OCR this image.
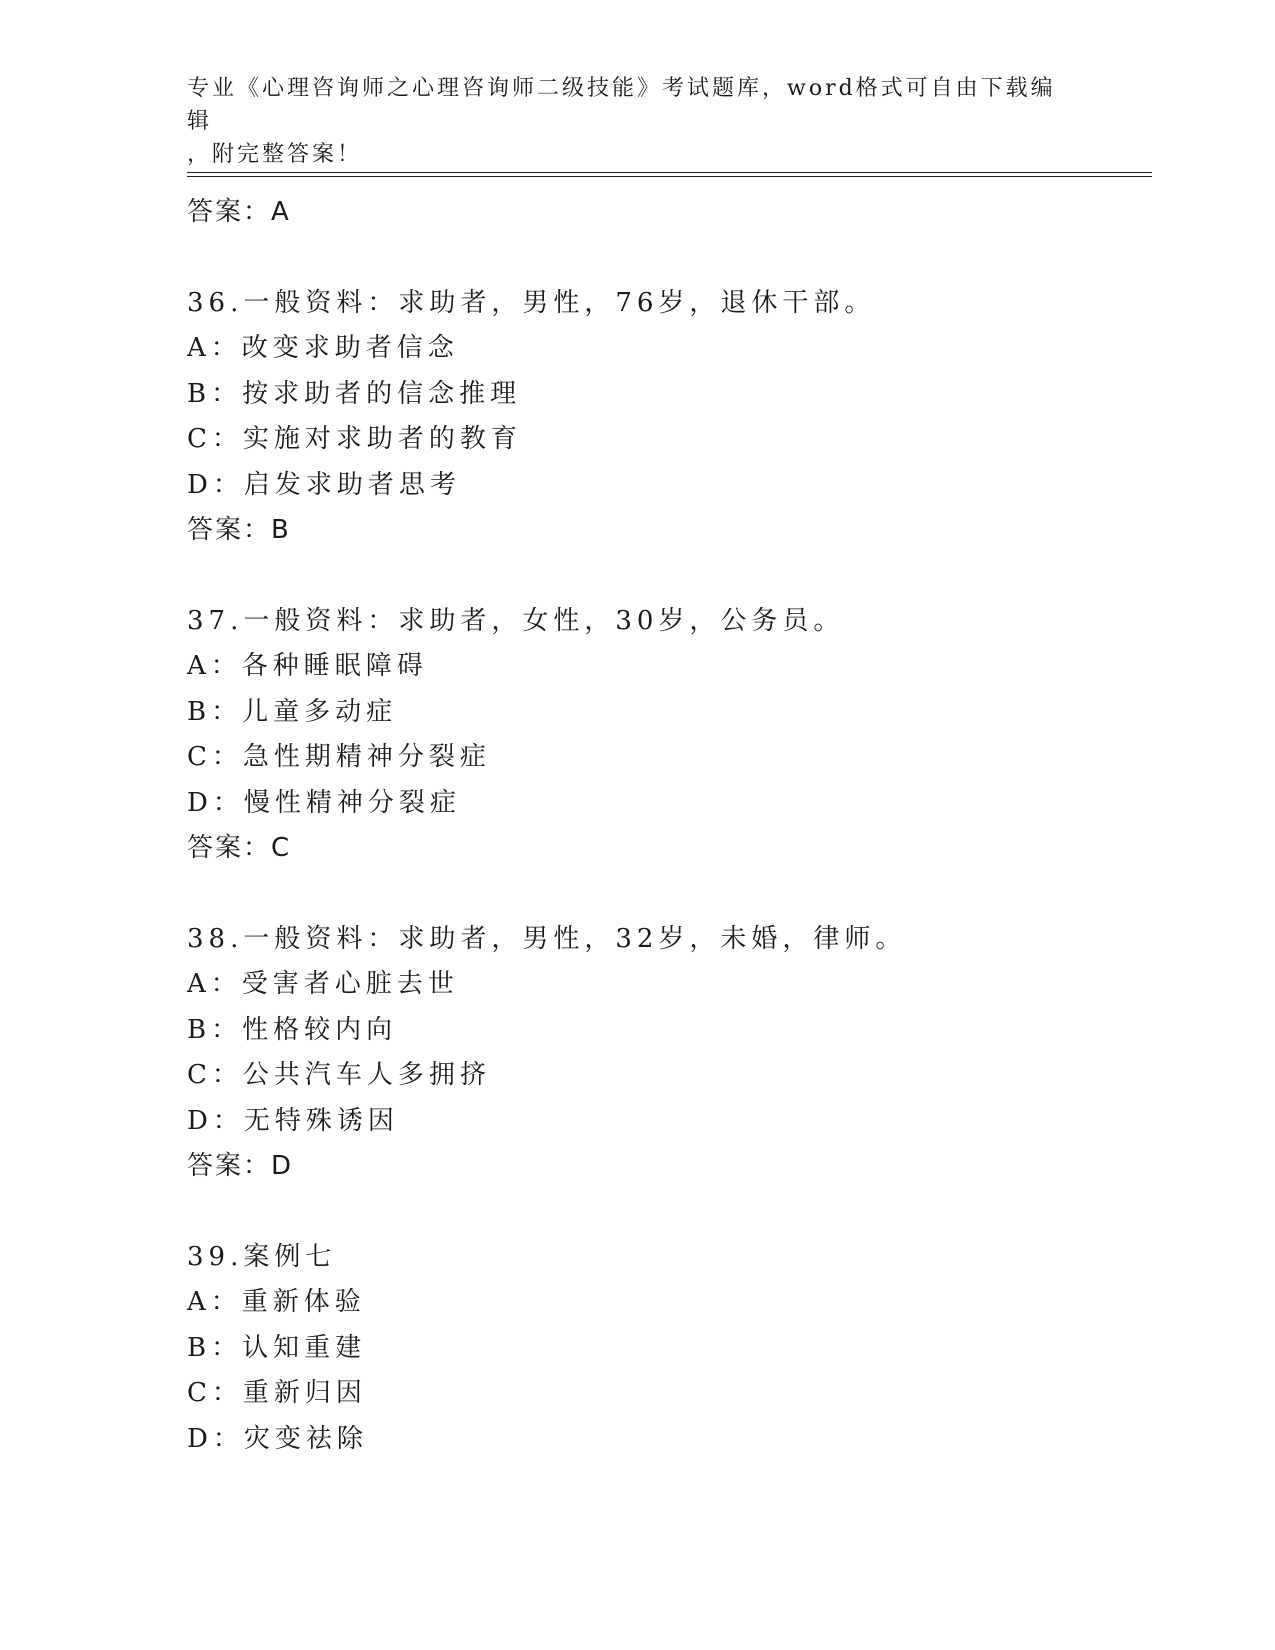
专业《心理咨询师之心理咨询师二级技能》考试题库，word格式可自由下载编辑
，附完整答案！
答案：A
36.一般资料：求助者，男性，76岁，退休干部。
A：改变求助者信念
B：按求助者的信念推理
C：实施对求助者的教育
D：启发求助者思考
答案：B
37.一般资料：求助者，女性，30岁，公务员。
A：各种睡眠障碍
B：儿童多动症
C：急性期精神分裂症
D：慢性精神分裂症
答案：C
38.一般资料：求助者，男性，32岁，未婚，律师。
A：受害者心脏去世
B：性格较内向
C：公共汽车人多拥挤
D：无特殊诱因
答案：D
39.案例七
A：重新体验
B：认知重建
C：重新归因
D：灾变祛除
